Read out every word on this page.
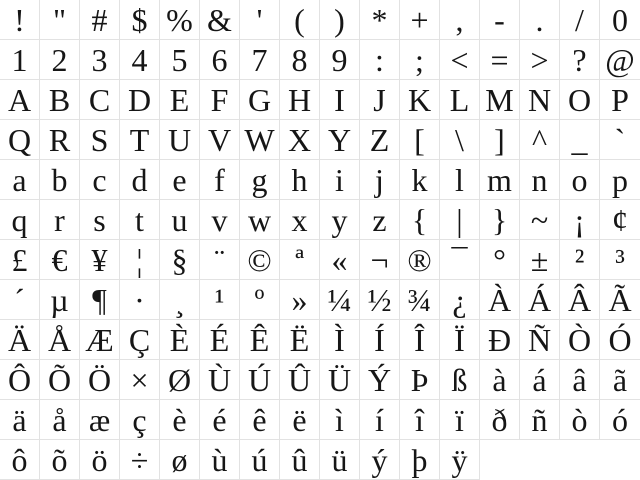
! " # $ % & ' ( ) * + , - . / 0
1 2 3 4 5 6 7 8 9 : ; < = > ? @
A B C D E F G H I J K L M N O P
Q R S T U V W X Y Z [ \ ] ^ _ `
a b c d e f g h i j k l m n o p
q r s t u v w x y z { | } ~ ¡ ¢
£ € ¥ ¦ § ¨ © ª « ¬ ® ¯ ° ± ² ³
´ µ ¶ · ¸ ¹ º » ¼ ½ ¾ ¿ À Á Â Ã
Ä Å Æ Ç È É Ê Ë Ì Í Î Ï Ð Ñ Ò Ó
Ô Õ Ö × Ø Ù Ú Û Ü Ý Þ ß à á â ã
ä å æ ç è é ê ë ì í î ï ð ñ ò ó
ô õ ö ÷ ø ù ú û ü ý þ ÿ
